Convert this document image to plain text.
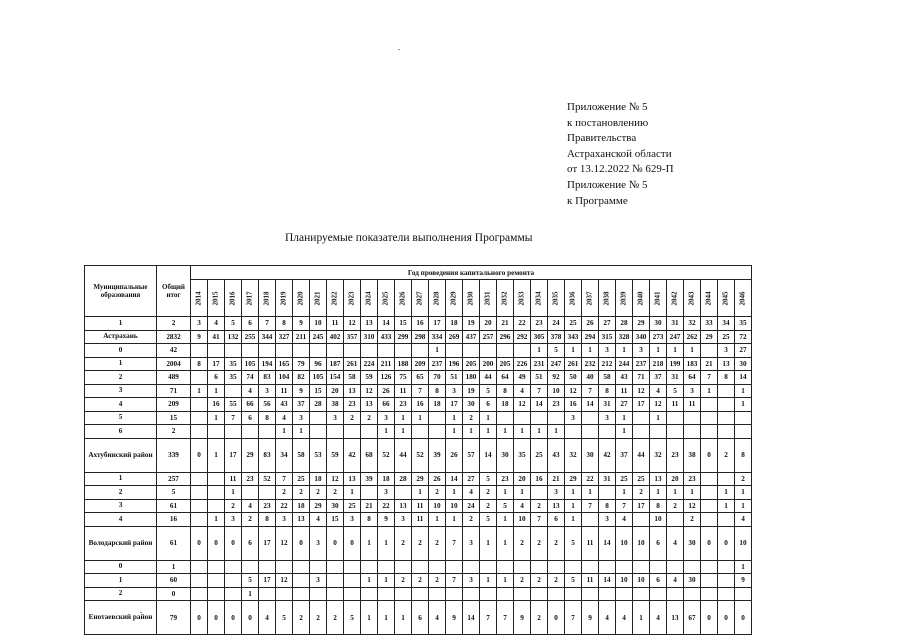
Приложение № 5
к постановлению
Правительства
Астраханской области
от 13.12.2022 № 629-П
Приложение № 5
к Программе
Планируемые показатели выполнения Программы
Муниципальные образования	Общий итог	Год проведения капитального ремонта																																
		2014	2015	2016	2017	2018	2019	2020	2021	2022	2023	2024	2025	2026	2027	2028	2029	2030	2031	2032	2033	2034	2035	2036	2037	2038	2039	2040	2041	2042	2043	2044	2045	2046
1	2	3	4	5	6	7	8	9	10	11	12	13	14	15	16	17	18	19	20	21	22	23	24	25	26	27	28	29	30	31	32	33	34	35
Астрахань	2832	9	41	132	255	344	327	211	245	402	357	310	433	299	298	334	269	437	257	296	292	305	378	343	294	315	328	340	273	247	262	29	25	72
0	42															1						1	5	1	1	3	1	3	1	1	1		3	27
1	2004	8	17	35	105	194	165	79	96	187	261	224	211	188	209	237	196	205	200	205	226	231	247	261	232	212	244	237	218	199	183	21	13	30
2	489		6	35	74	83	104	82	105	154	58	59	126	75	65	70	51	180	44	64	49	51	92	50	40	58	43	71	37	31	64	7	8	14
3	71	1	1		4	3	11	9	15	20	13	12	26	11	7	8	3	19	5	8	4	7	10	12	7	8	11	12	4	5	3	1		1
4	209		16	55	66	56	43	37	28	38	23	13	66	23	16	18	17	30	6	18	12	14	23	16	14	31	27	17	12	11	11			1
5	15		1	7	6	8	4	3		3	2	2	3	1	1		1	2	1					3		3	1		1					
6	2						1	1					1	1			1	1	1	1	1	1	1				1							
Ахтубинский район	339	0	1	17	29	83	34	58	53	59	42	68	52	44	52	39	26	57	14	30	35	25	43	32	30	42	37	44	32	23	38	0	2	8
1	257			11	23	52	7	25	18	12	13	39	18	28	29	26	14	27	5	23	20	16	21	29	22	31	25	25	13	20	23			2
2	5			1			2	2	2	2	1		3		1	2	1	4	2	1	1		3	1	1		1	2	1	1	1		1	1
3	61			2	4	23	22	18	29	30	25	21	22	13	11	10	10	24	2	5	4	2	13	1	7	8	7	17	8	2	12		1	1
4	16		1	3	2	8	3	13	4	15	3	8	9	3	11	1	1	2	5	1	10	7	6	1		3	4		10		2			4
Володарский район	61	0	0	0	6	17	12	0	3	0	0	1	1	2	2	2	7	3	1	1	2	2	2	5	11	14	10	10	6	4	30	0	0	10
0	1																																	1
1	60				5	17	12		3			1	1	2	2	2	7	3	1	1	2	2	2	5	11	14	10	10	6	4	30			9
2	0				1																													
Енотаевский район	79	0	0	0	0	4	5	2	2	2	5	1	1	1	6	4	9	14	7	7	9	2	0	7	9	4	4	1	4	13	67	0	0	0
